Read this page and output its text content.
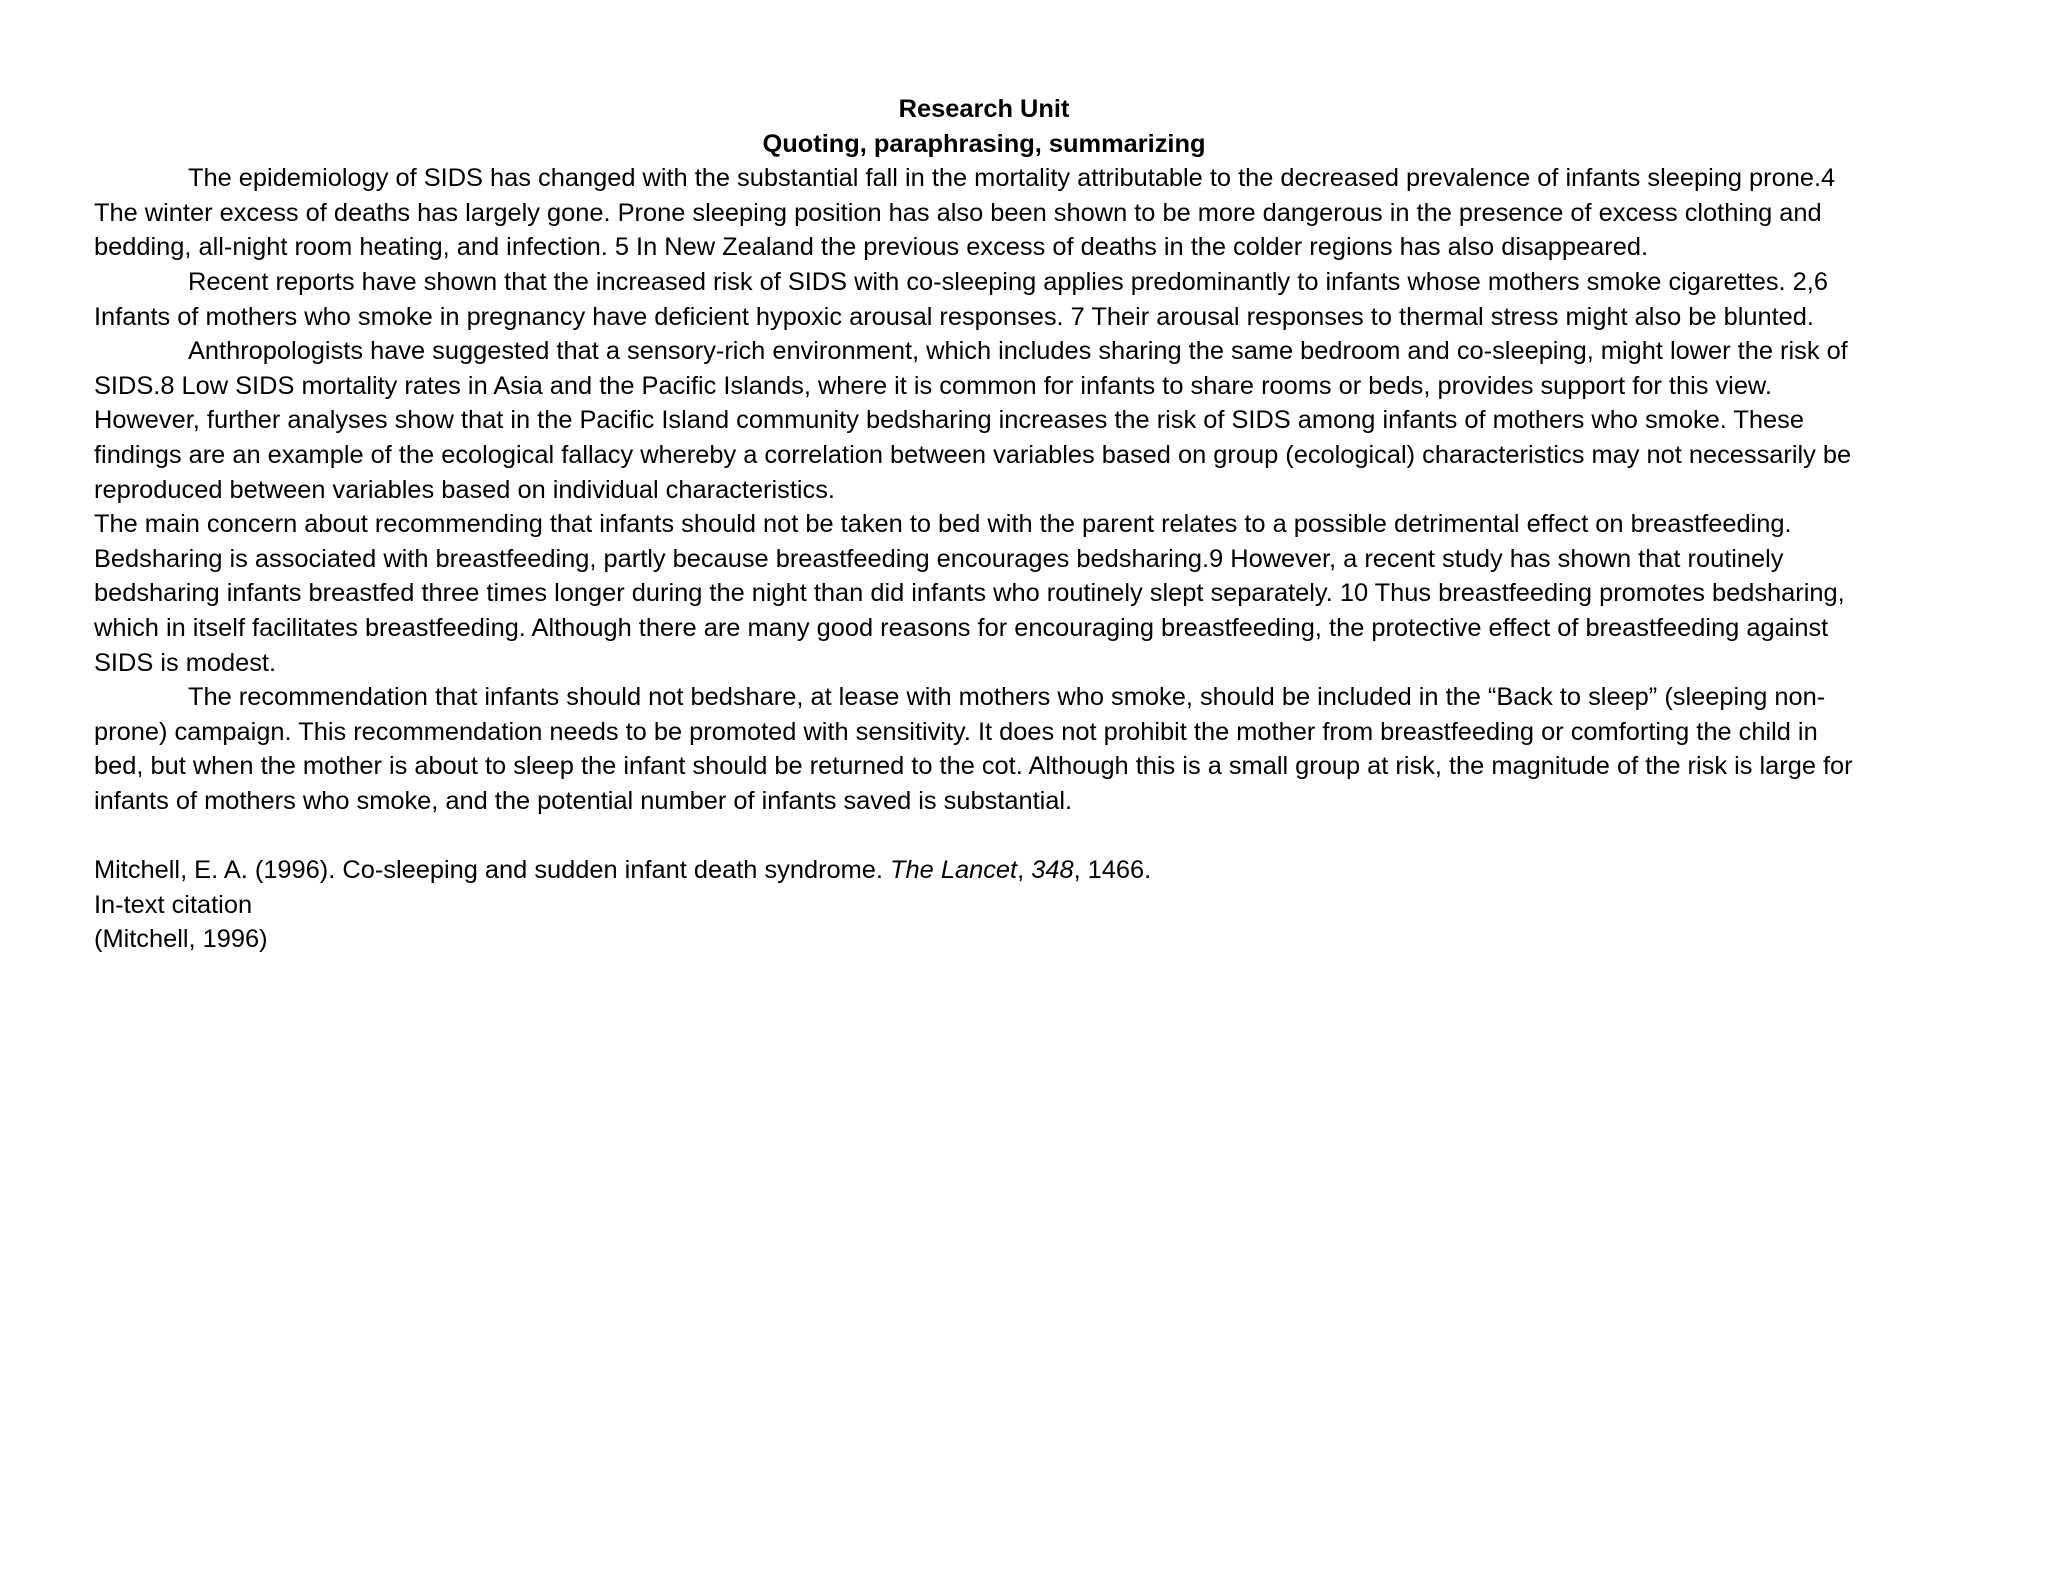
Research Unit

Quoting, paraphrasing, summarizing

The epidemiology of SIDS has changed with the substantial fall in the mortality attributable to the decreased prevalence of infants sleeping prone.4 The winter excess of deaths has largely gone. Prone sleeping position has also been shown to be more dangerous in the presence of excess clothing and bedding, all-night room heating, and infection. 5 In New Zealand the previous excess of deaths in the colder regions has also disappeared.

Recent reports have shown that the increased risk of SIDS with co-sleeping applies predominantly to infants whose mothers smoke cigarettes. 2,6 Infants of mothers who smoke in pregnancy have deficient hypoxic arousal responses. 7 Their arousal responses to thermal stress might also be blunted.

Anthropologists have suggested that a sensory-rich environment, which includes sharing the same bedroom and co-sleeping, might lower the risk of SIDS.8 Low SIDS mortality rates in Asia and the Pacific Islands, where it is common for infants to share rooms or beds, provides support for this view. However, further analyses show that in the Pacific Island community bedsharing increases the risk of SIDS among infants of mothers who smoke. These findings are an example of the ecological fallacy whereby a correlation between variables based on group (ecological) characteristics may not necessarily be reproduced between variables based on individual characteristics.

The main concern about recommending that infants should not be taken to bed with the parent relates to a possible detrimental effect on breastfeeding. Bedsharing is associated with breastfeeding, partly because breastfeeding encourages bedsharing.9 However, a recent study has shown that routinely bedsharing infants breastfed three times longer during the night than did infants who routinely slept separately. 10 Thus breastfeeding promotes bedsharing, which in itself facilitates breastfeeding. Although there are many good reasons for encouraging breastfeeding, the protective effect of breastfeeding against SIDS is modest.

The recommendation that infants should not bedshare, at lease with mothers who smoke, should be included in the “Back to sleep” (sleeping non-prone) campaign. This recommendation needs to be promoted with sensitivity. It does not prohibit the mother from breastfeeding or comforting the child in bed, but when the mother is about to sleep the infant should be returned to the cot. Although this is a small group at risk, the magnitude of the risk is large for infants of mothers who smoke, and the potential number of infants saved is substantial.

Mitchell, E. A. (1996). Co-sleeping and sudden infant death syndrome. The Lancet, 348, 1466.

In-text citation

(Mitchell, 1996)
